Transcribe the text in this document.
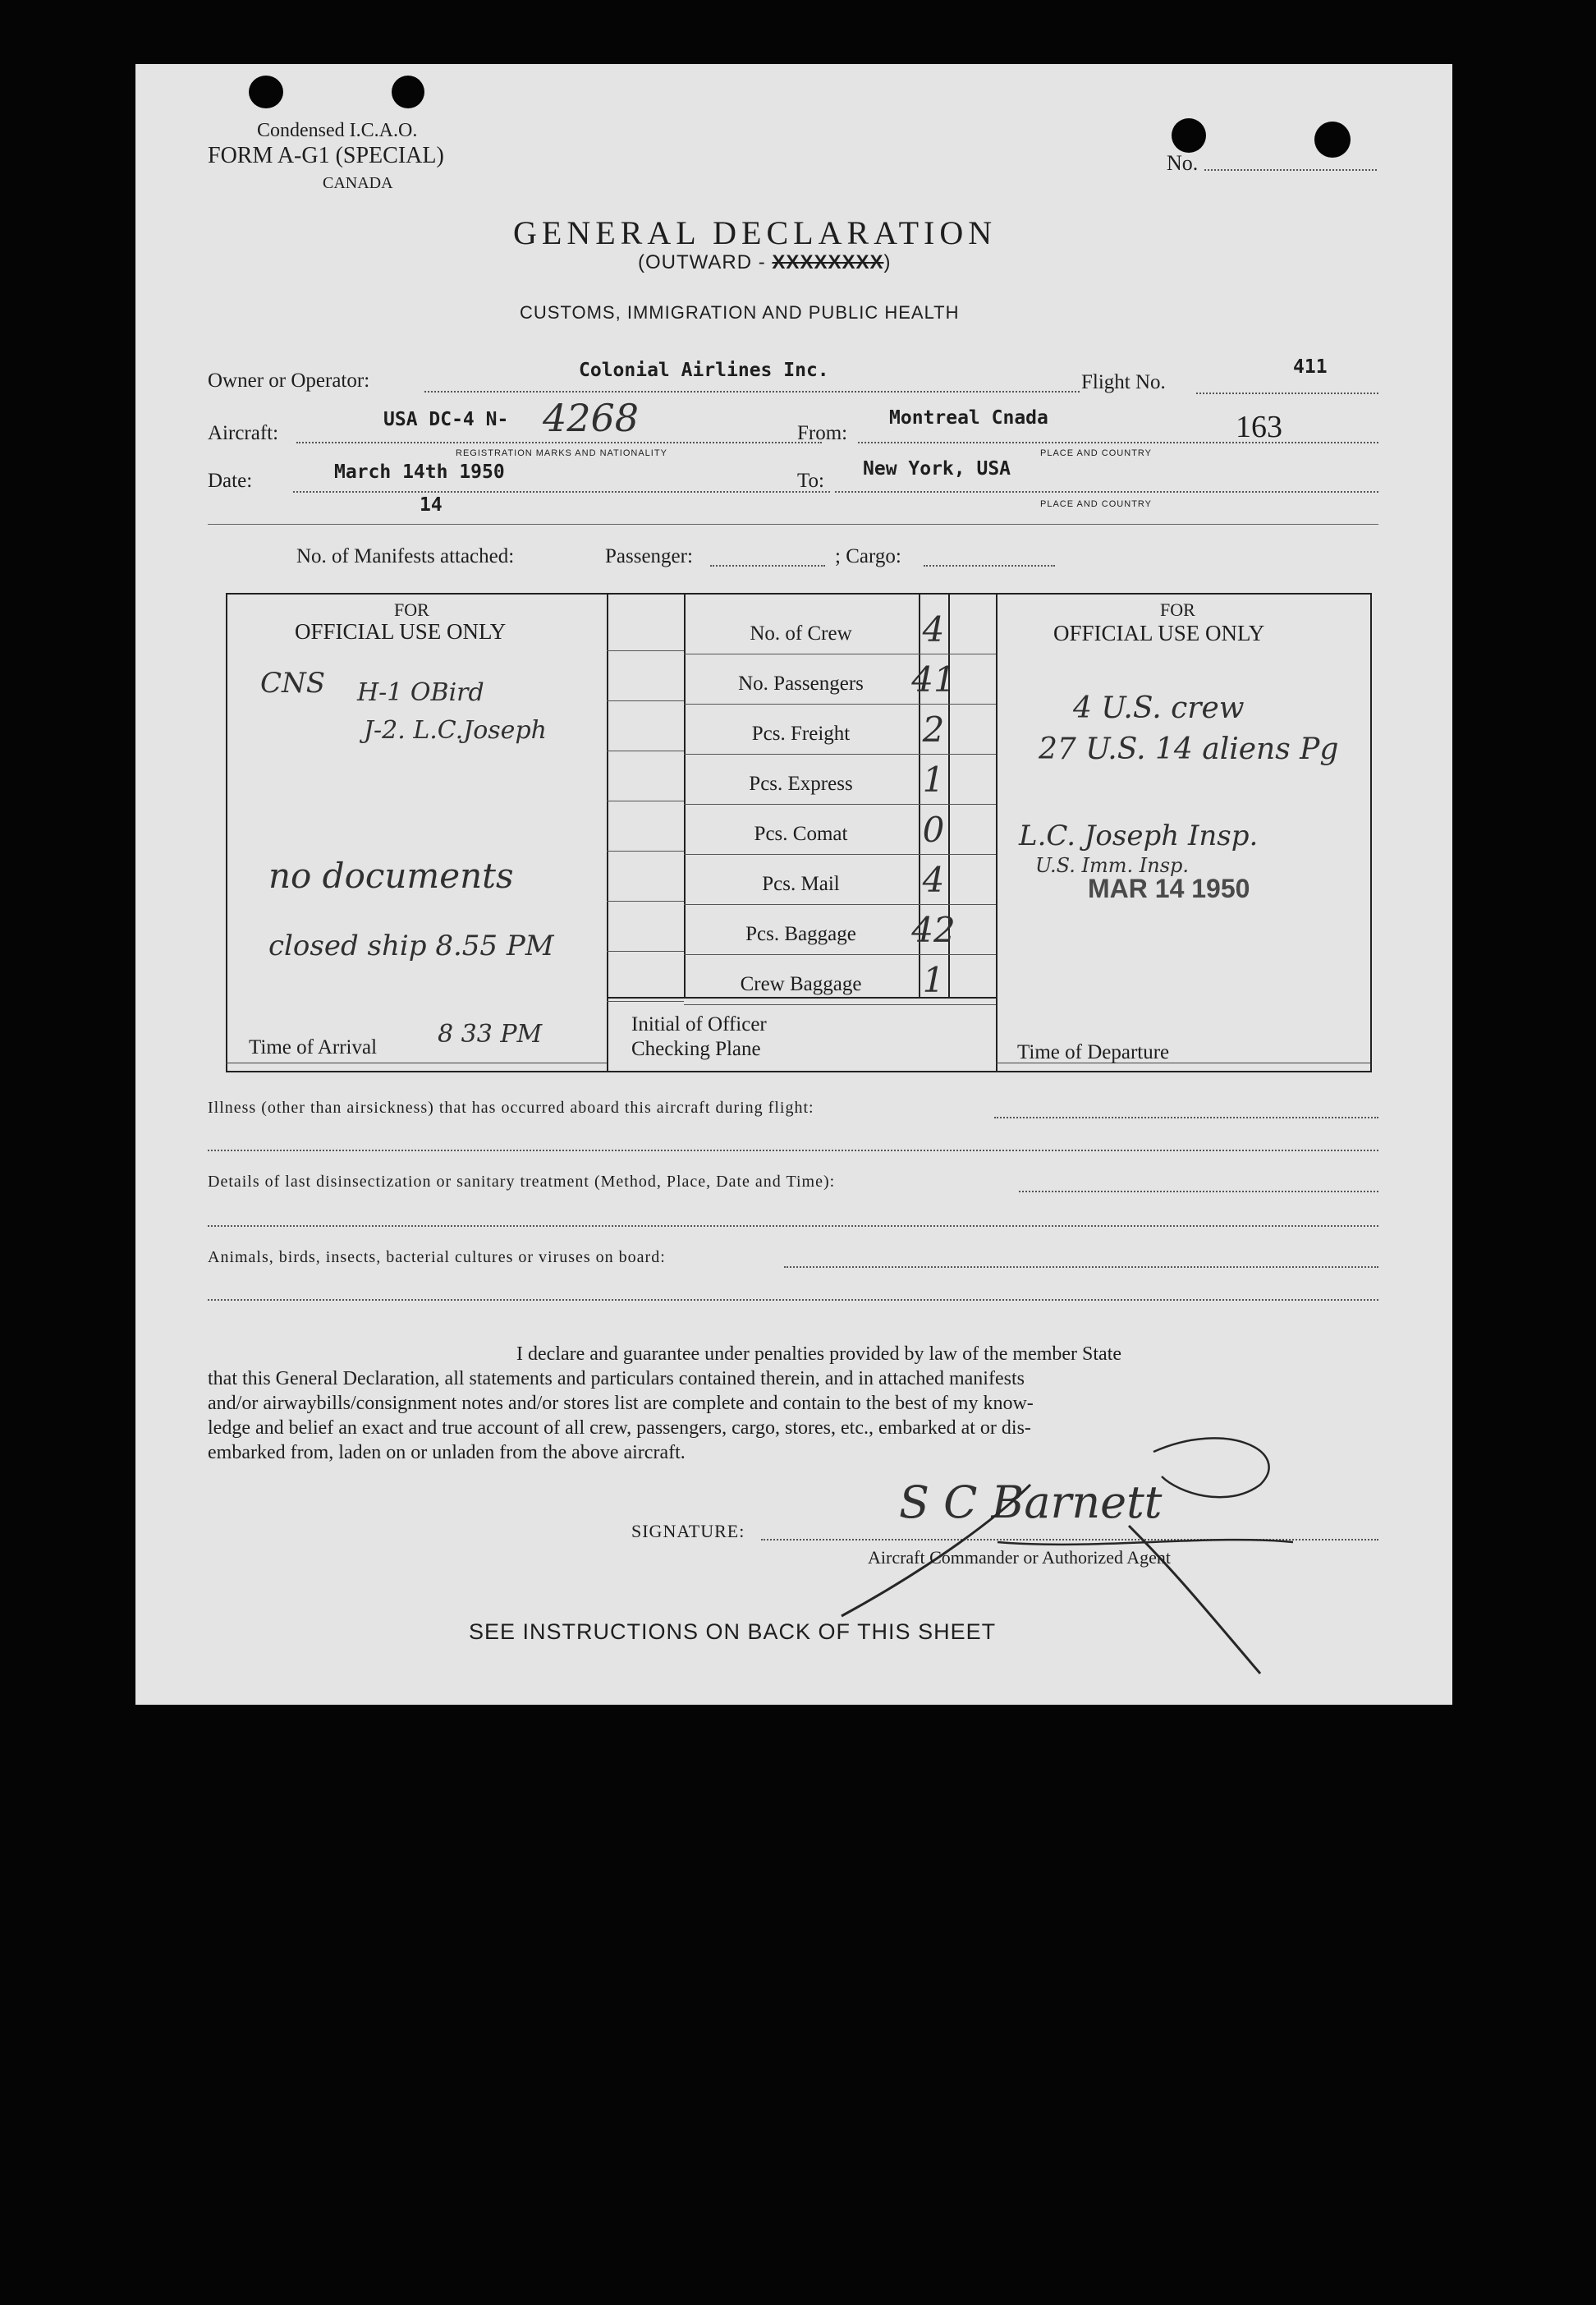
Condensed I.C.A.O.
FORM A-G1 (SPECIAL)
CANADA
No.
GENERAL DECLARATION
(OUTWARD - XXXXXXXX)
CUSTOMS, IMMIGRATION AND PUBLIC HEALTH
Owner or Operator:	Colonial Airlines Inc.
Flight No.
411
Aircraft:
USA DC-4 N- 4268
REGISTRATION MARKS AND NATIONALITY
From:
Montreal Cnada	163
PLACE AND COUNTRY
Date:	March 14th 1950
14
To:
New York, USA
PLACE AND COUNTRY
No. of Manifests attached:	Passenger:	; Cargo:
FOR
OFFICIAL USE ONLY
FOR
OFFICIAL USE ONLY
No. of Crew	4
No. Passengers	41
Pcs. Freight	2
Pcs. Express	1
Pcs. Comat	0
Pcs. Mail	4
Pcs. Baggage	42
Crew Baggage	1
Time of Arrival 8 33 PM	Initial of Officer
Checking Plane	Time of Departure
CNS H-1 OBird
J-2. L.C.Joseph
no documents
closed ship 8.55 PM
4 U.S. crew
27 U.S. 14 aliens Pg
L.C. Joseph Insp.
U.S. Imm. Insp.
MAR 14 1950
Illness (other than airsickness) that has occurred aboard this aircraft during flight:
Details of last disinsectization or sanitary treatment (Method, Place, Date and Time):
Animals, birds, insects, bacterial cultures or viruses on board:
I declare and guarantee under penalties provided by law of the member State
that this General Declaration, all statements and particulars contained therein, and in attached manifests
and/or airwaybills/consignment notes and/or stores list are complete and contain to the best of my know-
ledge and belief an exact and true account of all crew, passengers, cargo, stores, etc., embarked at or dis-
embarked from, laden on or unladen from the above aircraft.
SIGNATURE:
S C Barnett
Aircraft Commander or Authorized Agent
SEE INSTRUCTIONS ON BACK OF THIS SHEET
